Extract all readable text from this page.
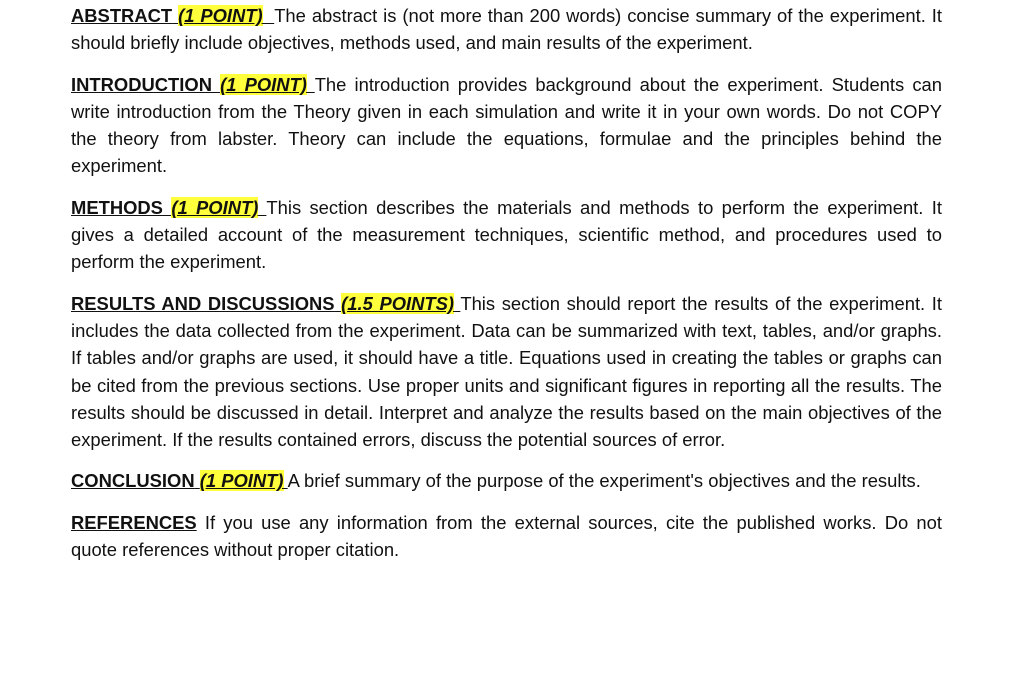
ABSTRACT (1 POINT) The abstract is (not more than 200 words) concise summary of the experiment. It should briefly include objectives, methods used, and main results of the experiment.

INTRODUCTION (1 POINT) The introduction provides background about the experiment. Students can write introduction from the Theory given in each simulation and write it in your own words. Do not COPY the theory from labster. Theory can include the equations, formulae and the principles behind the experiment.

METHODS (1 POINT) This section describes the materials and methods to perform the experiment. It gives a detailed account of the measurement techniques, scientific method, and procedures used to perform the experiment.

RESULTS AND DISCUSSIONS (1.5 POINTS) This section should report the results of the experiment. It includes the data collected from the experiment. Data can be summarized with text, tables, and/or graphs. If tables and/or graphs are used, it should have a title. Equations used in creating the tables or graphs can be cited from the previous sections. Use proper units and significant figures in reporting all the results. The results should be discussed in detail. Interpret and analyze the results based on the main objectives of the experiment. If the results contained errors, discuss the potential sources of error.

CONCLUSION (1 POINT) A brief summary of the purpose of the experiment's objectives and the results.

REFERENCES If you use any information from the external sources, cite the published works. Do not quote references without proper citation.
